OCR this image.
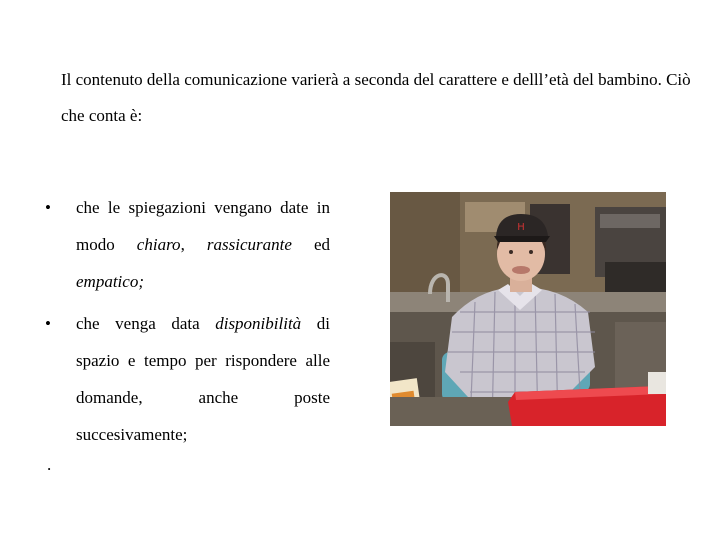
Il contenuto della comunicazione varierà a seconda del carattere e delll’età del bambino. Ciò che conta è:

• che le spiegazioni vengano date in modo chiaro, rassicurante ed empatico;
• che venga data disponibilità di spazio e tempo per rispondere alle domande, anche poste succesivamente;
.
H
